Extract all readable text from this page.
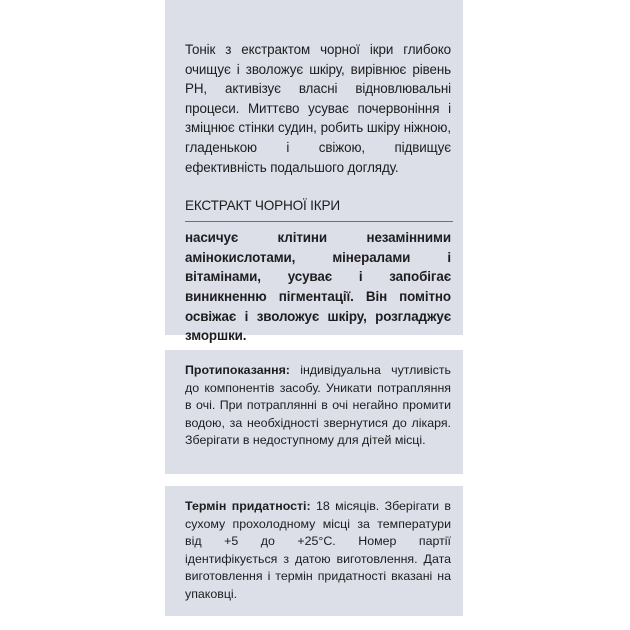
Тонік з екстрактом чорної ікри глибоко очищує і зволожує шкіру, вирівнює рівень РН, активізує власні відновлювальні процеси. Миттєво усуває почервоніння і зміцнює стінки судин, робить шкіру ніжною, гладенькою і свіжою, підвищує ефективність подальшого догляду.

ЕКСТРАКТ ЧОРНОЇ ІКРИ

насичує клітини незамінними амінокислотами, мінералами і вітамінами, усуває і запобігає виникненню пігментації. Він помітно освіжає і зволожує шкіру, розгладжує зморшки.

Протипоказання: індивідуальна чутливість до компонентів засобу. Уникати потрапляння в очі. При потраплянні в очі негайно промити водою, за необхідності звернутися до лікаря. Зберігати в недоступному для дітей місці.

Термін придатності: 18 місяців. Зберігати в сухому прохолодному місці за температури від +5 до +25°С. Номер партії ідентифікується з датою виготовлення. Дата виготовлення і термін придатності вказані на упаковці.
